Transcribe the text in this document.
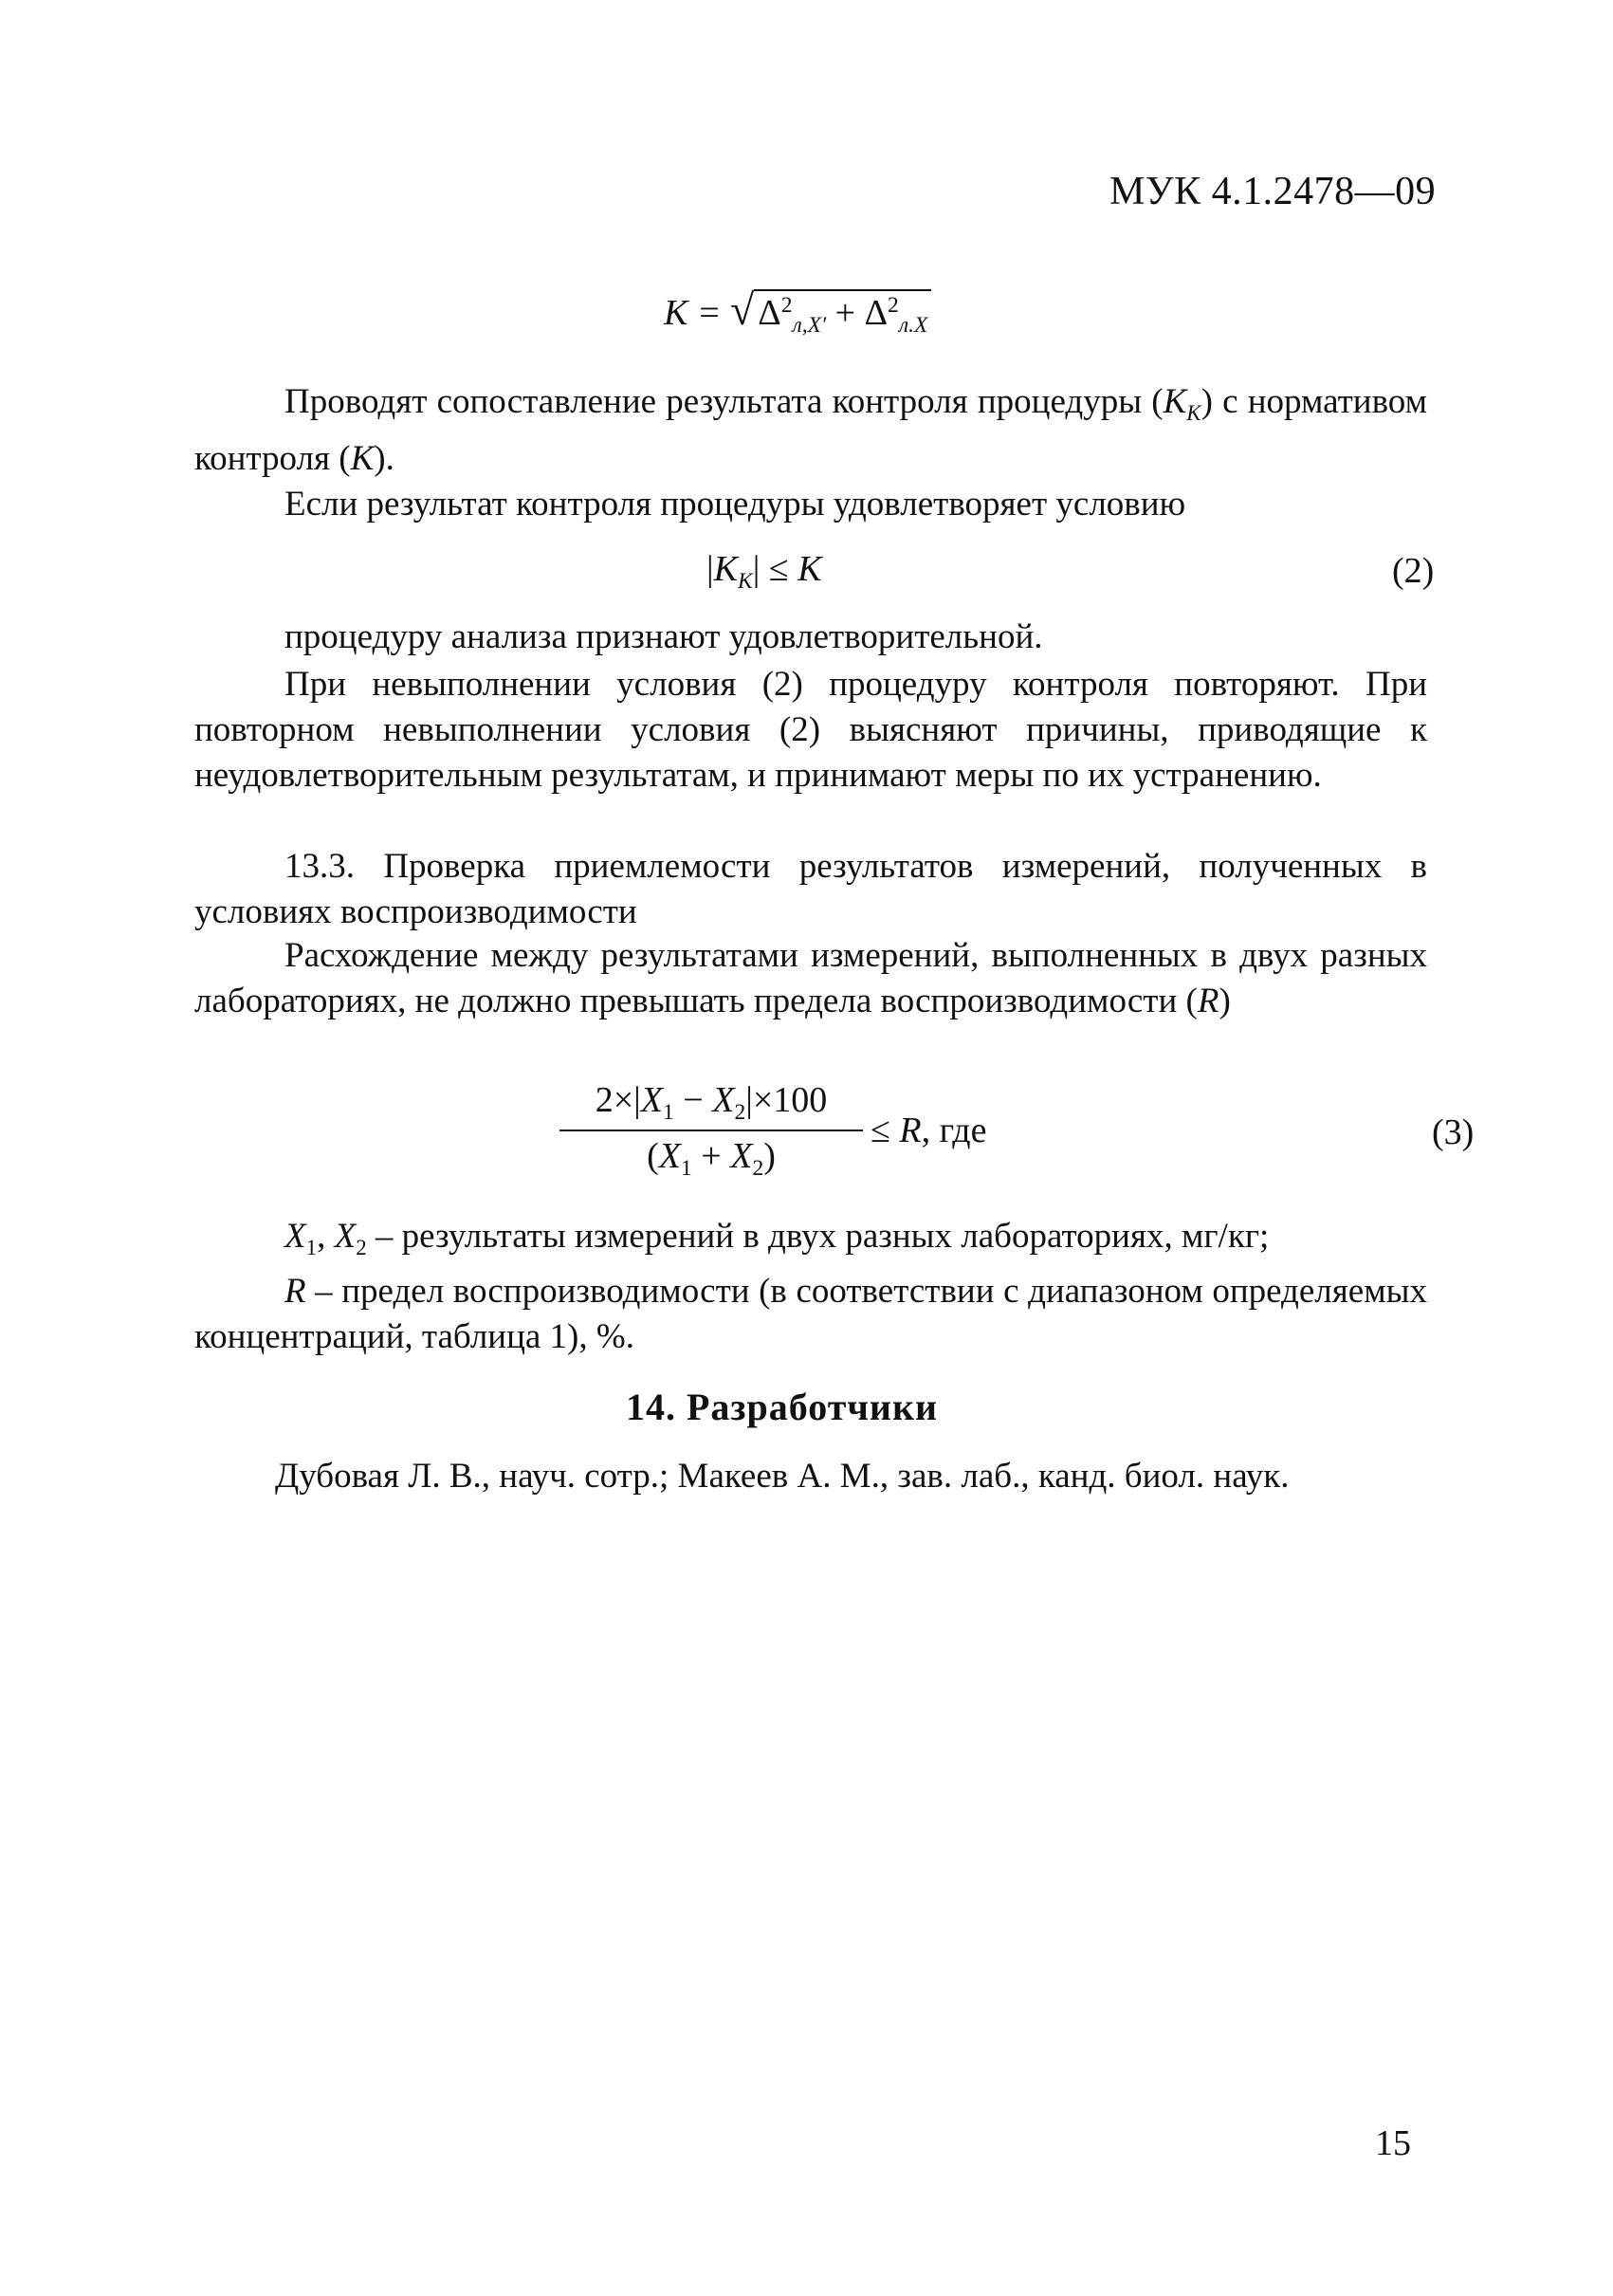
МУК 4.1.2478—09
K = √ $\Delta^2_{л,X'} + \Delta^2_{л.X}$
Проводят сопоставление результата контроля процедуры $(K_K)$ с нормативом контроля (K).
Если результат контроля процедуры удовлетворяет условию
$|K_K| \le K$	(2)
процедуру анализа признают удовлетворительной.
При невыполнении условия (2) процедуру контроля повторяют. При повторном невыполнении условия (2) выясняют причины, приводящие к неудовлетворительным результатам, и принимают меры по их устранению.
13.3. Проверка приемлемости результатов измерений, полученных в условиях воспроизводимости
Расхождение между результатами измерений, выполненных в двух разных лабораториях, не должно превышать предела воспроизводимости (R)
$\frac{2\times|X_1 - X_2|\times 100}{(X_1 + X_2)} \le R$, где	(3)
$X_1$, $X_2$ – результаты измерений в двух разных лабораториях, мг/кг;
R – предел воспроизводимости (в соответствии с диапазоном определяемых концентраций, таблица 1), %.
14. Разработчики
Дубовая Л. В., науч. сотр.; Макеев А. М., зав. лаб., канд. биол. наук.
15
